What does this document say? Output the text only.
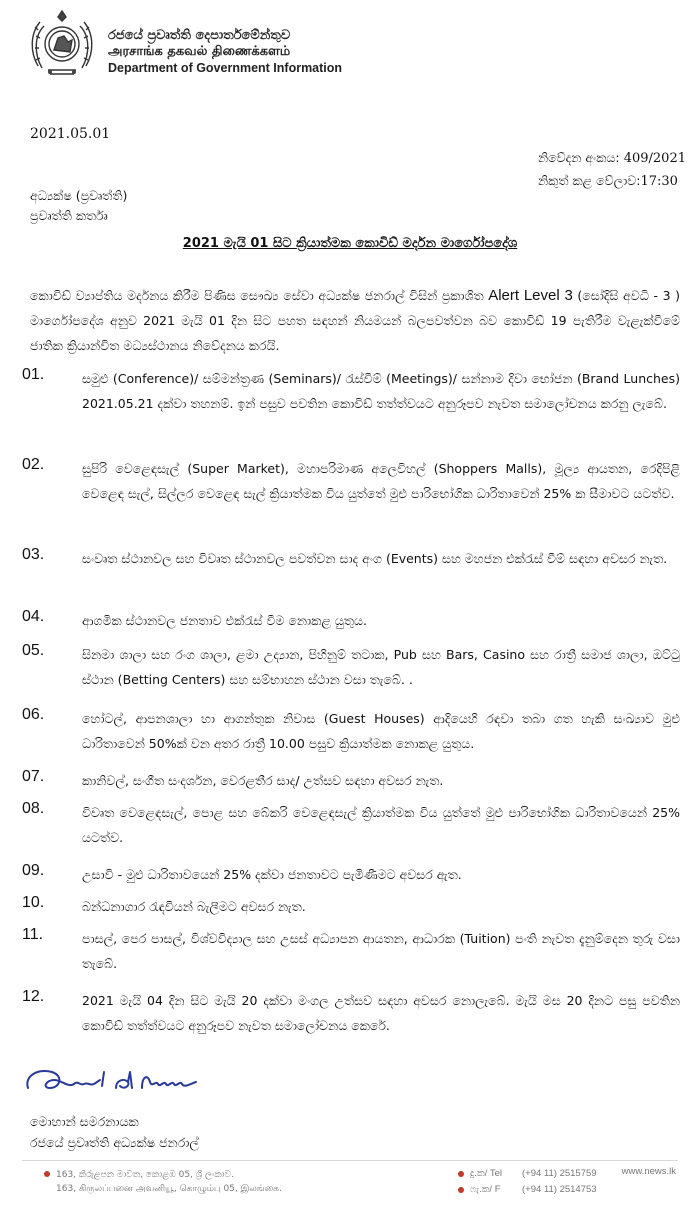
රජයේ ප්‍රවෘත්ති දෙපාර්තමේන්තුව
அரசாங்க தகவல் திணைக்களம்
Department of Government Information
2021.05.01
නිවේදන අංකය: 409/2021
නිකුත් කළ වේලාව:17:30
අධ්‍යක්ෂ (ප්‍රවෘත්ති)
ප්‍රවෘත්ති කර්තෘ
2021 මැයි 01 සිට ක්‍රියාත්මක කොවිඩ් මර්දන මාර්ගෝපදේශ
කොවිඩ් ව්‍යාප්තිය මර්දනය කිරීම පිණිස සෞඛ්‍ය සේවා අධ්‍යක්ෂ ජනරාල් විසින් ප්‍රකාශිත Alert Level 3 (සෝදිසි අවධි - 3 ) මාර්ගෝපදේශ අනුව 2021 මැයි 01 දින සිට පහත සඳහන් නියමයන් බලපවත්වන බව කොවිඩ් 19 පැතිරීම වැළැක්වීමේ ජාතික ක්‍රියාන්විත මධ්‍යස්ථානය නිවේදනය කරයි.
01.	සමුළු (Conference)/ සම්මන්ත්‍රණ (Seminars)/ රැස්වීම් (Meetings)/ සන්නාම දිවා භෝජන (Brand Lunches) 2021.05.21 දක්වා තහනම්. ඉන් පසුව පවතින කොවිඩ් තත්ත්වයට අනුරූපව නැවත සමාලෝචනය කරනු ලැබේ.
02.	සුපිරි වෙළෙඳසැල් (Super Market), මහාපරිමාණ අලෙවිහල් (Shoppers Malls), මූල්‍ය ආයතන, රෙදිපිළි වෙළෙඳ සැල්, සිල්ලර වෙළෙඳ සැල් ක්‍රියාත්මක විය යුත්තේ මුළු පාරිභෝගික ධාරිතාවෙන් 25% ක සීමාවට යටත්ව.
03.	සංවෘත ස්ථානවල සහ විවෘත ස්ථානවල පවත්වන සාද අංග (Events) සහ මහජන එක්රැස් වීම් සඳහා අවසර නැත.
04.	ආගමික ස්ථානවල ජනතාව එක්රැස් වීම නොකළ යුතුය.
05.	සිනමා ශාලා සහ රංග ශාලා, ළමා උද්‍යාන, පිහිනුම් තටාක, Pub සහ Bars, Casino සහ රාත්‍රී සමාජ ශාලා, ඔට්ටු ස්ථාන (Betting Centers) සහ සම්භාහන ස්ථාන වසා තැබේ. .
06.	හෝටල්, ආපනශාලා හා ආගන්තුක නිවාස (Guest Houses) ආදියෙහි රඳවා තබා ගත හැකි සංඛ්‍යාව මුළු ධාරිතාවෙන් 50%ක් වන අතර රාත්‍රී 10.00 පසුව ක්‍රියාත්මක නොකළ යුතුය.
07.	කානිවල්, සංගීත සංදර්ශන, වෙරළතීර සාද/ උත්සව සඳහා අවසර නැත.
08.	විවෘත වෙළෙඳසැල්, පොළ සහ බේකරි වෙළෙඳසැල් ක්‍රියාත්මක විය යුත්තේ මුළු පාරිභෝගික ධාරිතාවයෙන් 25% යටත්ව.
09.	උසාවි - මුළු ධාරිතාවයෙන් 25% දක්වා ජනතාවට පැමිණීමට අවසර ඇත.
10.	බන්ධනාගාර රැඳවියන් බැලීමට අවසර නැත.
11.	පාසල්, පෙර පාසල්, විශ්වවිද්‍යාල සහ උසස් අධ්‍යාපන ආයතන, ආධාරක (Tuition) පංති නැවත දැනුම්දෙන තුරු වසා තැබේ.
12.	2021 මැයි 04 දින සිට මැයි 20 දක්වා මංගල උත්සව සඳහා අවසර නොලැබේ. මැයි මස 20 දිනට පසු පවතින කොවිඩ් තත්ත්වයට අනුරූපව නැවත සමාලෝචනය කෙරේ.
මොහාන් සමරනායක
රජයේ ප්‍රවෘත්ති අධ්‍යක්ෂ ජනරාල්
163, කිරුළපන මාවත, කොළඹ 05, ශ්‍රී ලංකාව.
163, கிருலப்பனை அவனியூ, கொழும்பு 05, இலங்கை.
දු.ක/ Tel (+94 11) 2515759
ෆැ.ක/ F (+94 11) 2514753
www.news.lk
